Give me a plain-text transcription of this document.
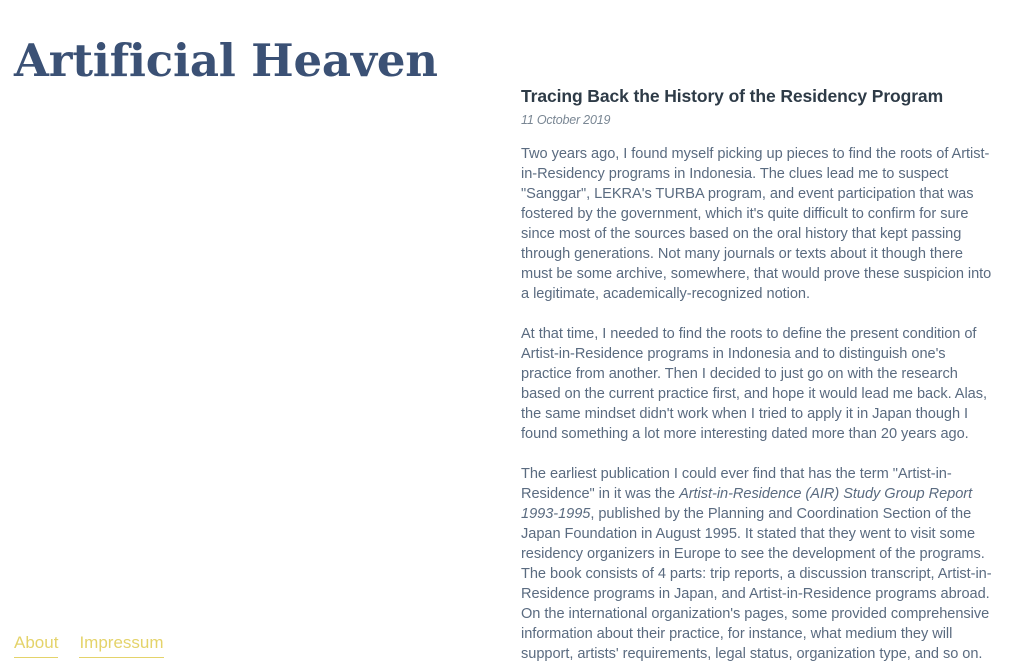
Artificial Heaven
About Impressum
Tracing Back the History of the Residency Program
11 October 2019

Two years ago, I found myself picking up pieces to find the roots of Artist-in-Residency programs in Indonesia. The clues lead me to suspect "Sanggar", LEKRA's TURBA program, and event participation that was fostered by the government, which it's quite difficult to confirm for sure since most of the sources based on the oral history that kept passing through generations. Not many journals or texts about it though there must be some archive, somewhere, that would prove these suspicion into a legitimate, academically-recognized notion.

At that time, I needed to find the roots to define the present condition of Artist-in-Residence programs in Indonesia and to distinguish one's practice from another. Then I decided to just go on with the research based on the current practice first, and hope it would lead me back. Alas, the same mindset didn't work when I tried to apply it in Japan though I found something a lot more interesting dated more than 20 years ago.

The earliest publication I could ever find that has the term "Artist-in-Residence" in it was the Artist-in-Residence (AIR) Study Group Report 1993-1995, published by the Planning and Coordination Section of the Japan Foundation in August 1995. It stated that they went to visit some residency organizers in Europe to see the development of the programs. The book consists of 4 parts: trip reports, a discussion transcript, Artist-in-Residence programs in Japan, and Artist-in-Residence programs abroad. On the international organization's pages, some provided comprehensive information about their practice, for instance, what medium they will support, artists' requirements, legal status, organization type, and so on.
